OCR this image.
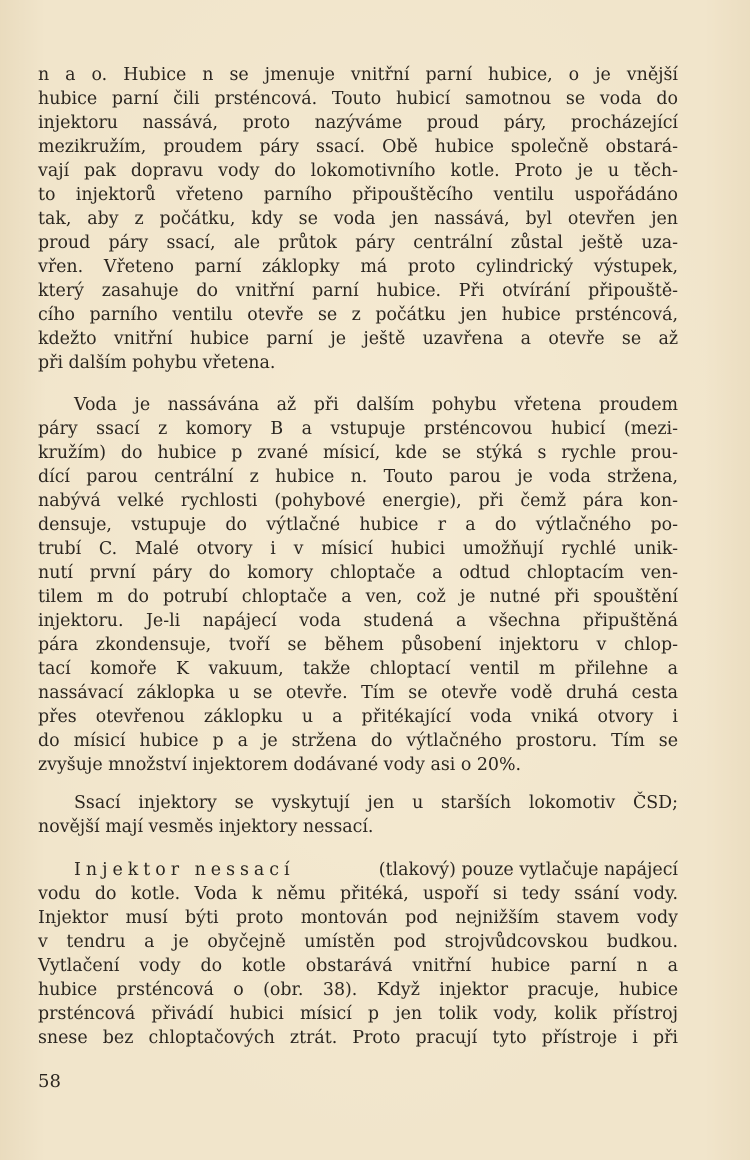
n a o. Hubice n se jmenuje vnitřní parní hubice, o je vnější
hubice parní čili prsténcová. Touto hubicí samotnou se voda do
injektoru nassává, proto nazýváme proud páry, procházející
mezikružím, proudem páry ssací. Obě hubice společně obstará-
vají pak dopravu vody do lokomotivního kotle. Proto je u těch-
to injektorů vřeteno parního připouštěcího ventilu uspořádáno
tak, aby z počátku, kdy se voda jen nassává, byl otevřen jen
proud páry ssací, ale průtok páry centrální zůstal ještě uza-
vřen. Vřeteno parní záklopky má proto cylindrický výstupek,
který zasahuje do vnitřní parní hubice. Při otvírání připouště-
cího parního ventilu otevře se z počátku jen hubice prsténcová,
kdežto vnitřní hubice parní je ještě uzavřena a otevře se až
při dalším pohybu vřetena.
Voda je nassávána až při dalším pohybu vřetena proudem
páry ssací z komory B a vstupuje prsténcovou hubicí (mezi-
kružím) do hubice p zvané mísicí, kde se stýká s rychle prou-
dící parou centrální z hubice n. Touto parou je voda stržena,
nabývá velké rychlosti (pohybové energie), při čemž pára kon-
densuje, vstupuje do výtlačné hubice r a do výtlačného po-
trubí C. Malé otvory i v mísicí hubici umožňují rychlé unik-
nutí první páry do komory chloptače a odtud chloptacím ven-
tilem m do potrubí chloptače a ven, což je nutné při spouštění
injektoru. Je-li napájecí voda studená a všechna připuštěná
pára zkondensuje, tvoří se během působení injektoru v chlop-
tací komoře K vakuum, takže chloptací ventil m přilehne a
nassávací záklopka u se otevře. Tím se otevře vodě druhá cesta
přes otevřenou záklopku u a přitékající voda vniká otvory i
do mísicí hubice p a je stržena do výtlačného prostoru. Tím se
zvyšuje množství injektorem dodávané vody asi o 20%.
Ssací injektory se vyskytují jen u starších lokomotiv ČSD;
novější mají vesměs injektory nessací.
Injektor nessací	(tlakový) pouze vytlačuje napájecí
vodu do kotle. Voda k němu přitéká, uspoří si tedy ssání vody.
Injektor musí býti proto montován pod nejnižším stavem vody
v tendru a je obyčejně umístěn pod strojvůdcovskou budkou.
Vytlačení vody do kotle obstarává vnitřní hubice parní n a
hubice prsténcová o (obr. 38). Když injektor pracuje, hubice
prsténcová přivádí hubici mísicí p jen tolik vody, kolik přístroj
snese bez chloptačových ztrát. Proto pracují tyto přístroje i při
58
